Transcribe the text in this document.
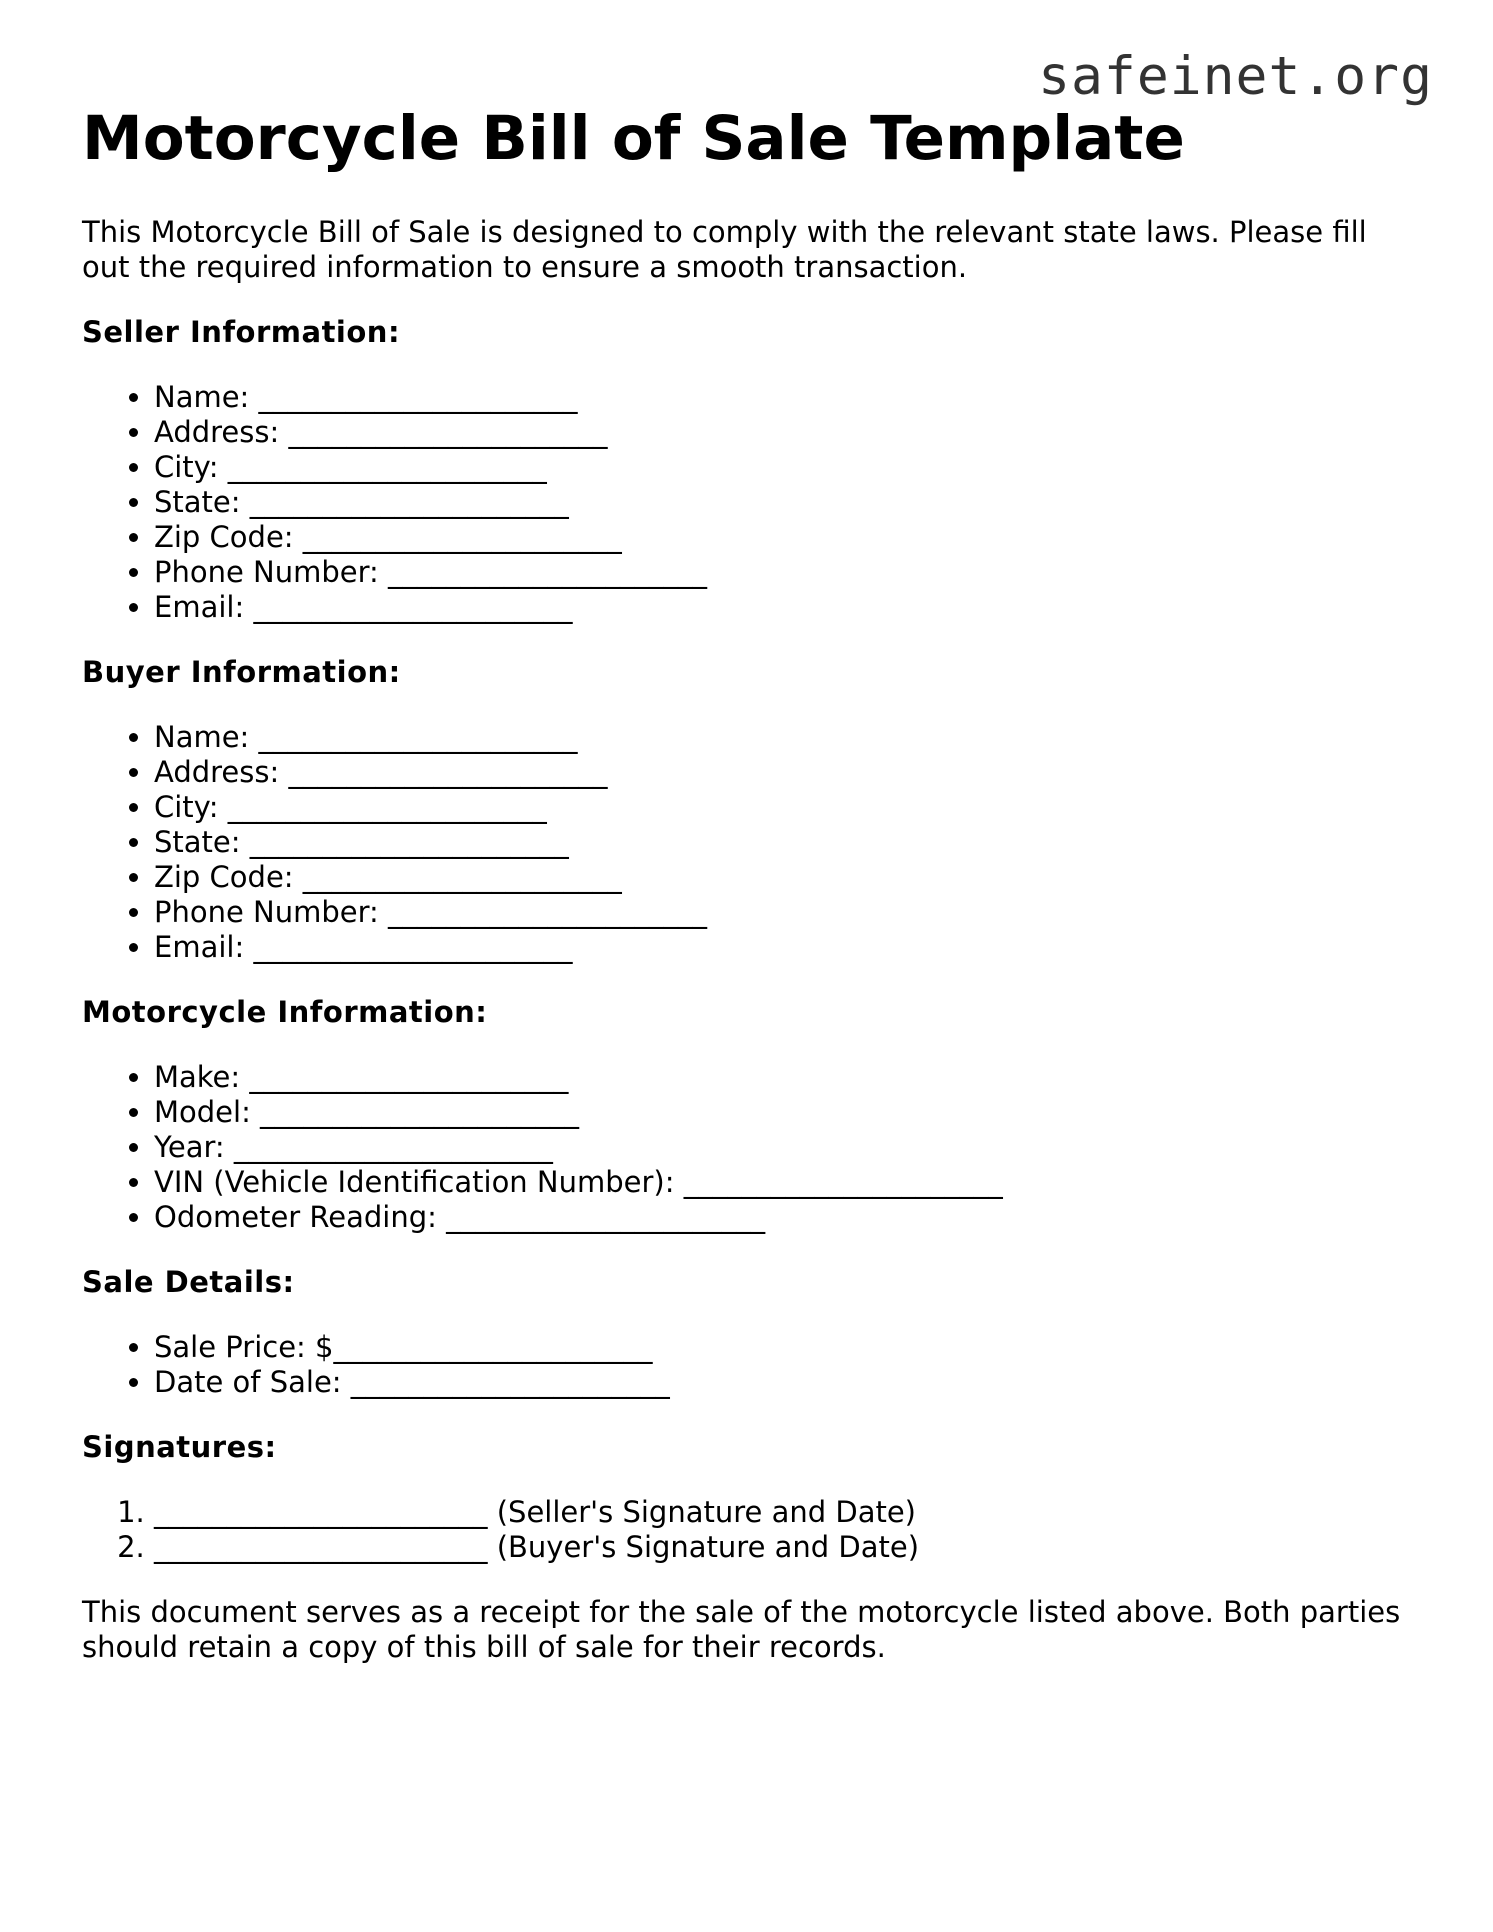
safeinet.org
Motorcycle Bill of Sale Template

This Motorcycle Bill of Sale is designed to comply with the relevant state laws. Please fill out the required information to ensure a smooth transaction.

Seller Information:
• Name: ______________________
• Address: ______________________
• City: ______________________
• State: ______________________
• Zip Code: ______________________
• Phone Number: ______________________
• Email: ______________________
Buyer Information:
• Name: ______________________
• Address: ______________________
• City: ______________________
• State: ______________________
• Zip Code: ______________________
• Phone Number: ______________________
• Email: ______________________
Motorcycle Information:
• Make: ______________________
• Model: ______________________
• Year: ______________________
• VIN (Vehicle Identification Number): ______________________
• Odometer Reading: ______________________
Sale Details:
• Sale Price: $______________________
• Date of Sale: ______________________
Signatures:
1. _______________________ (Seller's Signature and Date)
2. _______________________ (Buyer's Signature and Date)

This document serves as a receipt for the sale of the motorcycle listed above. Both parties should retain a copy of this bill of sale for their records.
